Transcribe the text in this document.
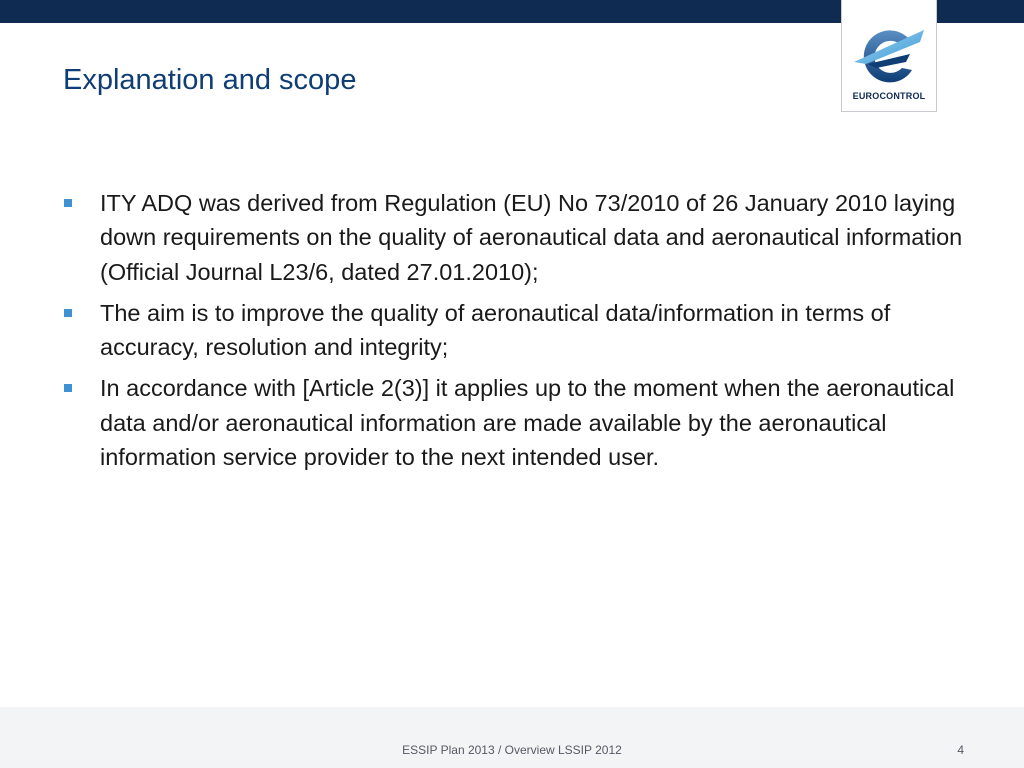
EUROCONTROL
Explanation and scope
ITY ADQ was derived from Regulation (EU) No 73/2010 of 26 January 2010 laying down requirements on the quality of aeronautical data and aeronautical information (Official Journal L23/6, dated 27.01.2010);
The aim is to improve the quality of aeronautical data/information in terms of accuracy, resolution and integrity;
In accordance with [Article 2(3)] it applies up to the moment when the aeronautical data and/or aeronautical information are made available by the aeronautical information service provider to the next intended user.
ESSIP Plan 2013 / Overview LSSIP 2012	4
